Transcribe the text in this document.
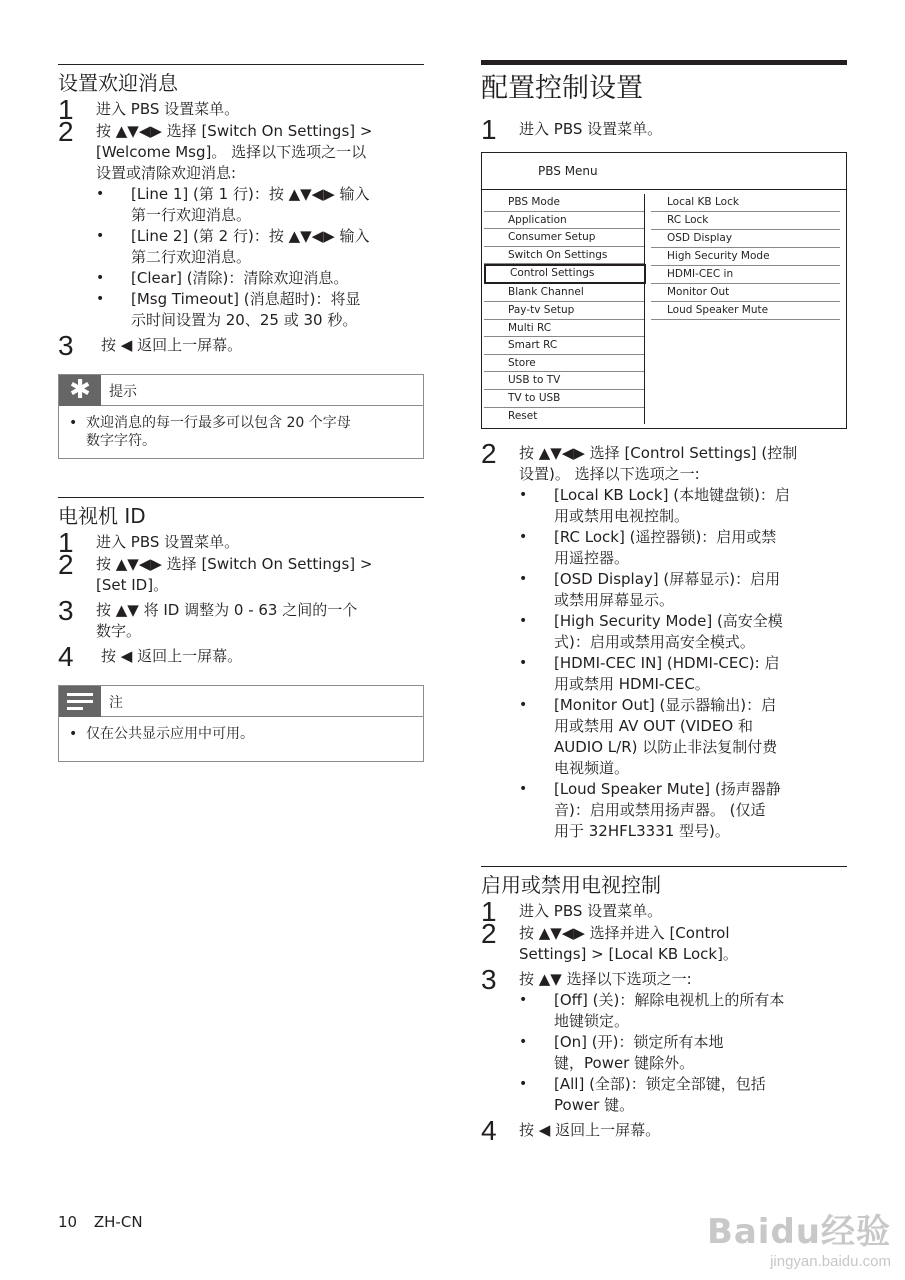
设置欢迎消息
1 进入 PBS 设置菜单。
2 按 ▲▼◀▶ 选择 [Switch On Settings] >
[Welcome Msg]。 选择以下选项之一以
设置或清除欢迎消息:
• [Line 1] (第 1 行)：按 ▲▼◀▶ 输入
第一行欢迎消息。
• [Line 2] (第 2 行)：按 ▲▼◀▶ 输入
第二行欢迎消息。
• [Clear] (清除)：清除欢迎消息。
• [Msg Timeout] (消息超时)：将显
示时间设置为 20、25 或 30 秒。
3 按 ◀ 返回上一屏幕。
✱	提示
• 欢迎消息的每一行最多可以包含 20 个字母
数字字符。
电视机 ID
1 进入 PBS 设置菜单。
2 按 ▲▼◀▶ 选择 [Switch On Settings] >
[Set ID]。
3 按 ▲▼ 将 ID 调整为 0 - 63 之间的一个
数字。
4 按 ◀ 返回上一屏幕。
注
• 仅在公共显示应用中可用。
配置控制设置
1 进入 PBS 设置菜单。
PBS Menu
PBS Mode
Application
Consumer Setup
Switch On Settings
Control Settings
Blank Channel
Pay-tv Setup
Multi RC
Smart RC
Store
USB to TV
TV to USB
Reset
Local KB Lock
RC Lock
OSD Display
High Security Mode
HDMI-CEC in
Monitor Out
Loud Speaker Mute
2 按 ▲▼◀▶ 选择 [Control Settings] (控制
设置)。 选择以下选项之一:
• [Local KB Lock] (本地键盘锁)：启
用或禁用电视控制。
• [RC Lock] (遥控器锁)：启用或禁
用遥控器。
• [OSD Display] (屏幕显示)：启用
或禁用屏幕显示。
• [High Security Mode] (高安全模
式)：启用或禁用高安全模式。
• [HDMI-CEC IN] (HDMI-CEC): 启
用或禁用 HDMI-CEC。
• [Monitor Out] (显示器输出)：启
用或禁用 AV OUT (VIDEO 和
AUDIO L/R) 以防止非法复制付费
电视频道。
• [Loud Speaker Mute] (扬声器静
音)：启用或禁用扬声器。 (仅适
用于 32HFL3331 型号)。
启用或禁用电视控制
1 进入 PBS 设置菜单。
2 按 ▲▼◀▶ 选择并进入 [Control
Settings] > [Local KB Lock]。
3 按 ▲▼ 选择以下选项之一:
• [Off] (关)：解除电视机上的所有本
地键锁定。
• [On] (开)：锁定所有本地
键，Power 键除外。
• [All] (全部)：锁定全部键，包括
Power 键。
4 按 ◀ 返回上一屏幕。
10 ZH-CN	Baidu经验
jingyan.baidu.com
